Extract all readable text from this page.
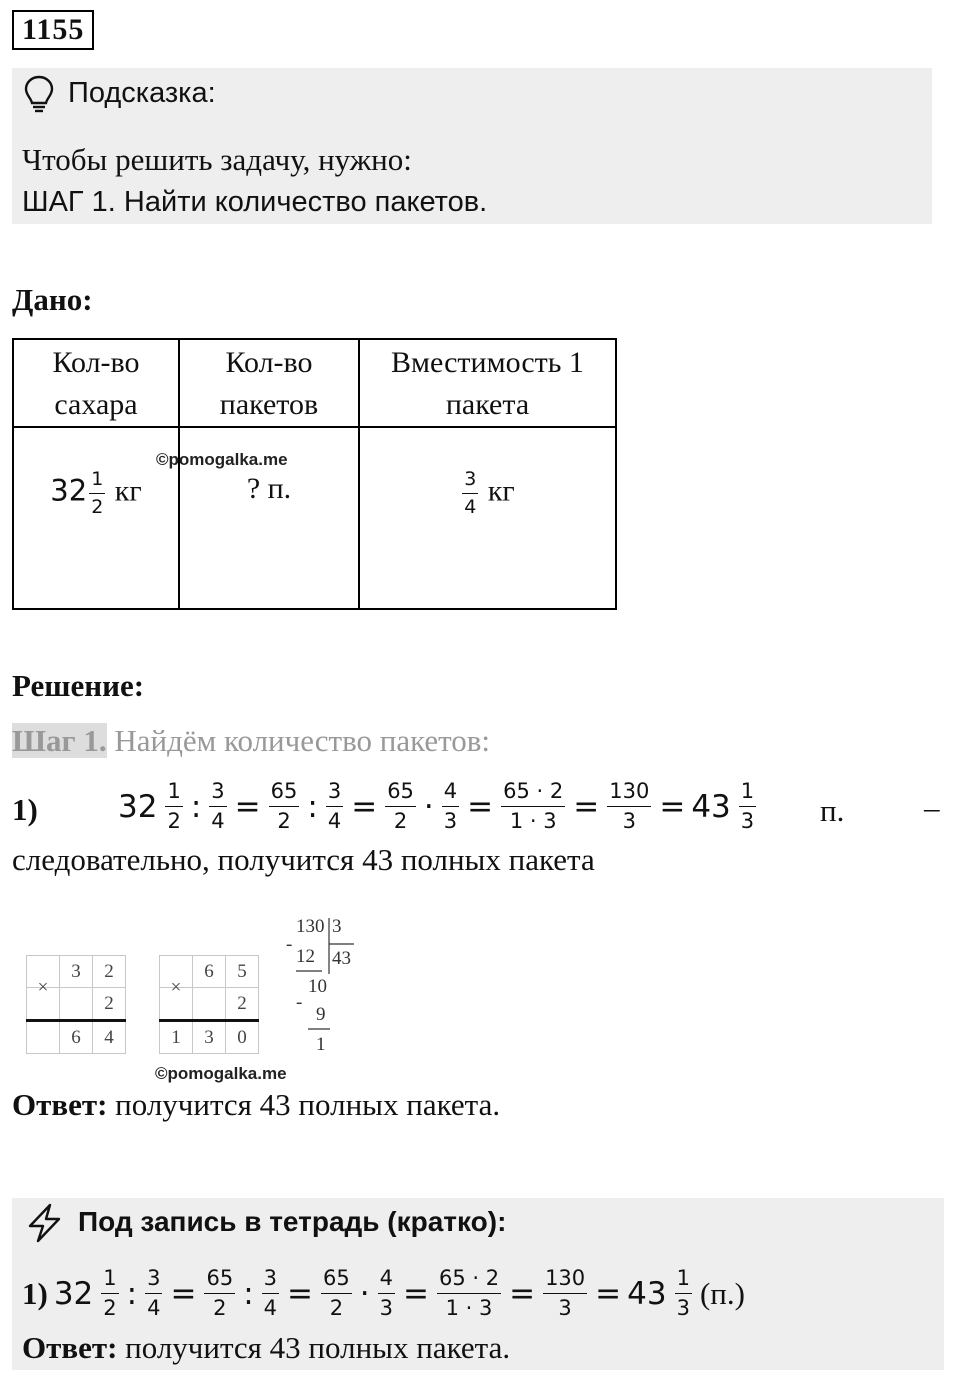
1155
Подсказка:
Чтобы решить задачу, нужно:
ШАГ 1. Найти количество пакетов.
Дано:
Кол-во сахара	Кол-во пакетов	Вместимость 1 пакета

$32 \frac{1}{2}$ кг	? п.	$\frac{3}{4}$ кг
©pomogalka.me
Решение:
Шаг 1. Найдём количество пакетов:
1)	$32 \frac{1}{2}$ : $\frac{3}{4} = \frac{65}{2}$ : $\frac{3}{4} = \frac{65}{2} \cdot \frac{4}{3} = \frac{65 \cdot 2}{1 \cdot 3} = \frac{130}{3} = 43 \frac{1}{3} п$.	–
следовательно, получится 43 полных пакета
	3	2
×		2
	6	4
	6	5
×		2
1	3	0
130 3
-
12 43
10
-
9
1
©pomogalka.me
Ответ: получится 43 полных пакета.
Под запись в тетрадь (кратко):
1) $32 \frac{1}{2}$ : $\frac{3}{4} = \frac{65}{2}$ : $\frac{3}{4} = \frac{65}{2} \cdot \frac{4}{3} = \frac{65 \cdot 2}{1 \cdot 3} = \frac{130}{3} = 43 \frac{1}{3} (п.)$
Ответ: получится 43 полных пакета.
